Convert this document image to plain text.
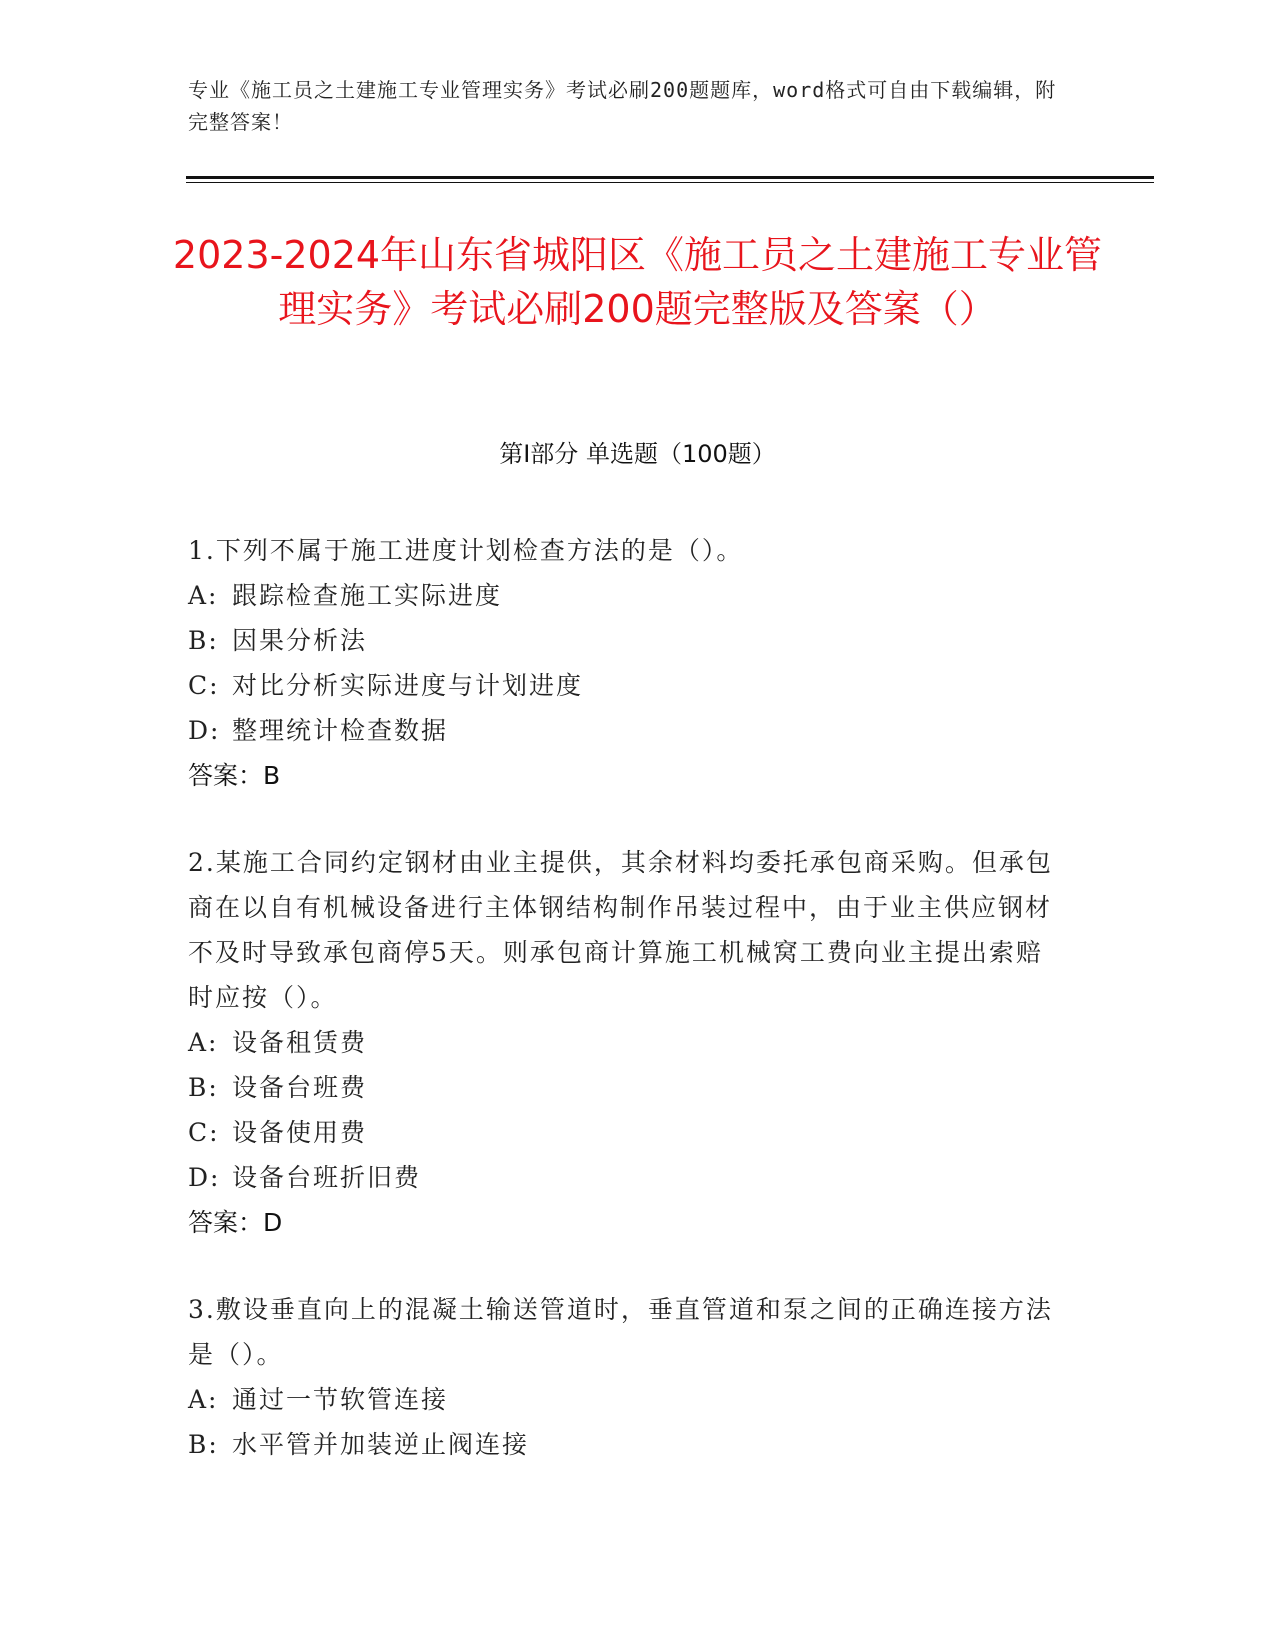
专业《施工员之土建施工专业管理实务》考试必刷200题题库，word格式可自由下载编辑，附完整答案！
2023-2024年山东省城阳区《施工员之土建施工专业管理实务》考试必刷200题完整版及答案（）
第I部分 单选题（100题）

1.下列不属于施工进度计划检查方法的是（）。

A: 跟踪检查施工实际进度

B: 因果分析法

C: 对比分析实际进度与计划进度

D: 整理统计检查数据

答案：B

2.某施工合同约定钢材由业主提供，其余材料均委托承包商采购。但承包商在以自有机械设备进行主体钢结构制作吊装过程中，由于业主供应钢材不及时导致承包商停5天。则承包商计算施工机械窝工费向业主提出索赔时应按（）。

A: 设备租赁费

B: 设备台班费

C: 设备使用费

D: 设备台班折旧费

答案：D

3.敷设垂直向上的混凝土输送管道时，垂直管道和泵之间的正确连接方法是（）。

A: 通过一节软管连接

B: 水平管并加装逆止阀连接
